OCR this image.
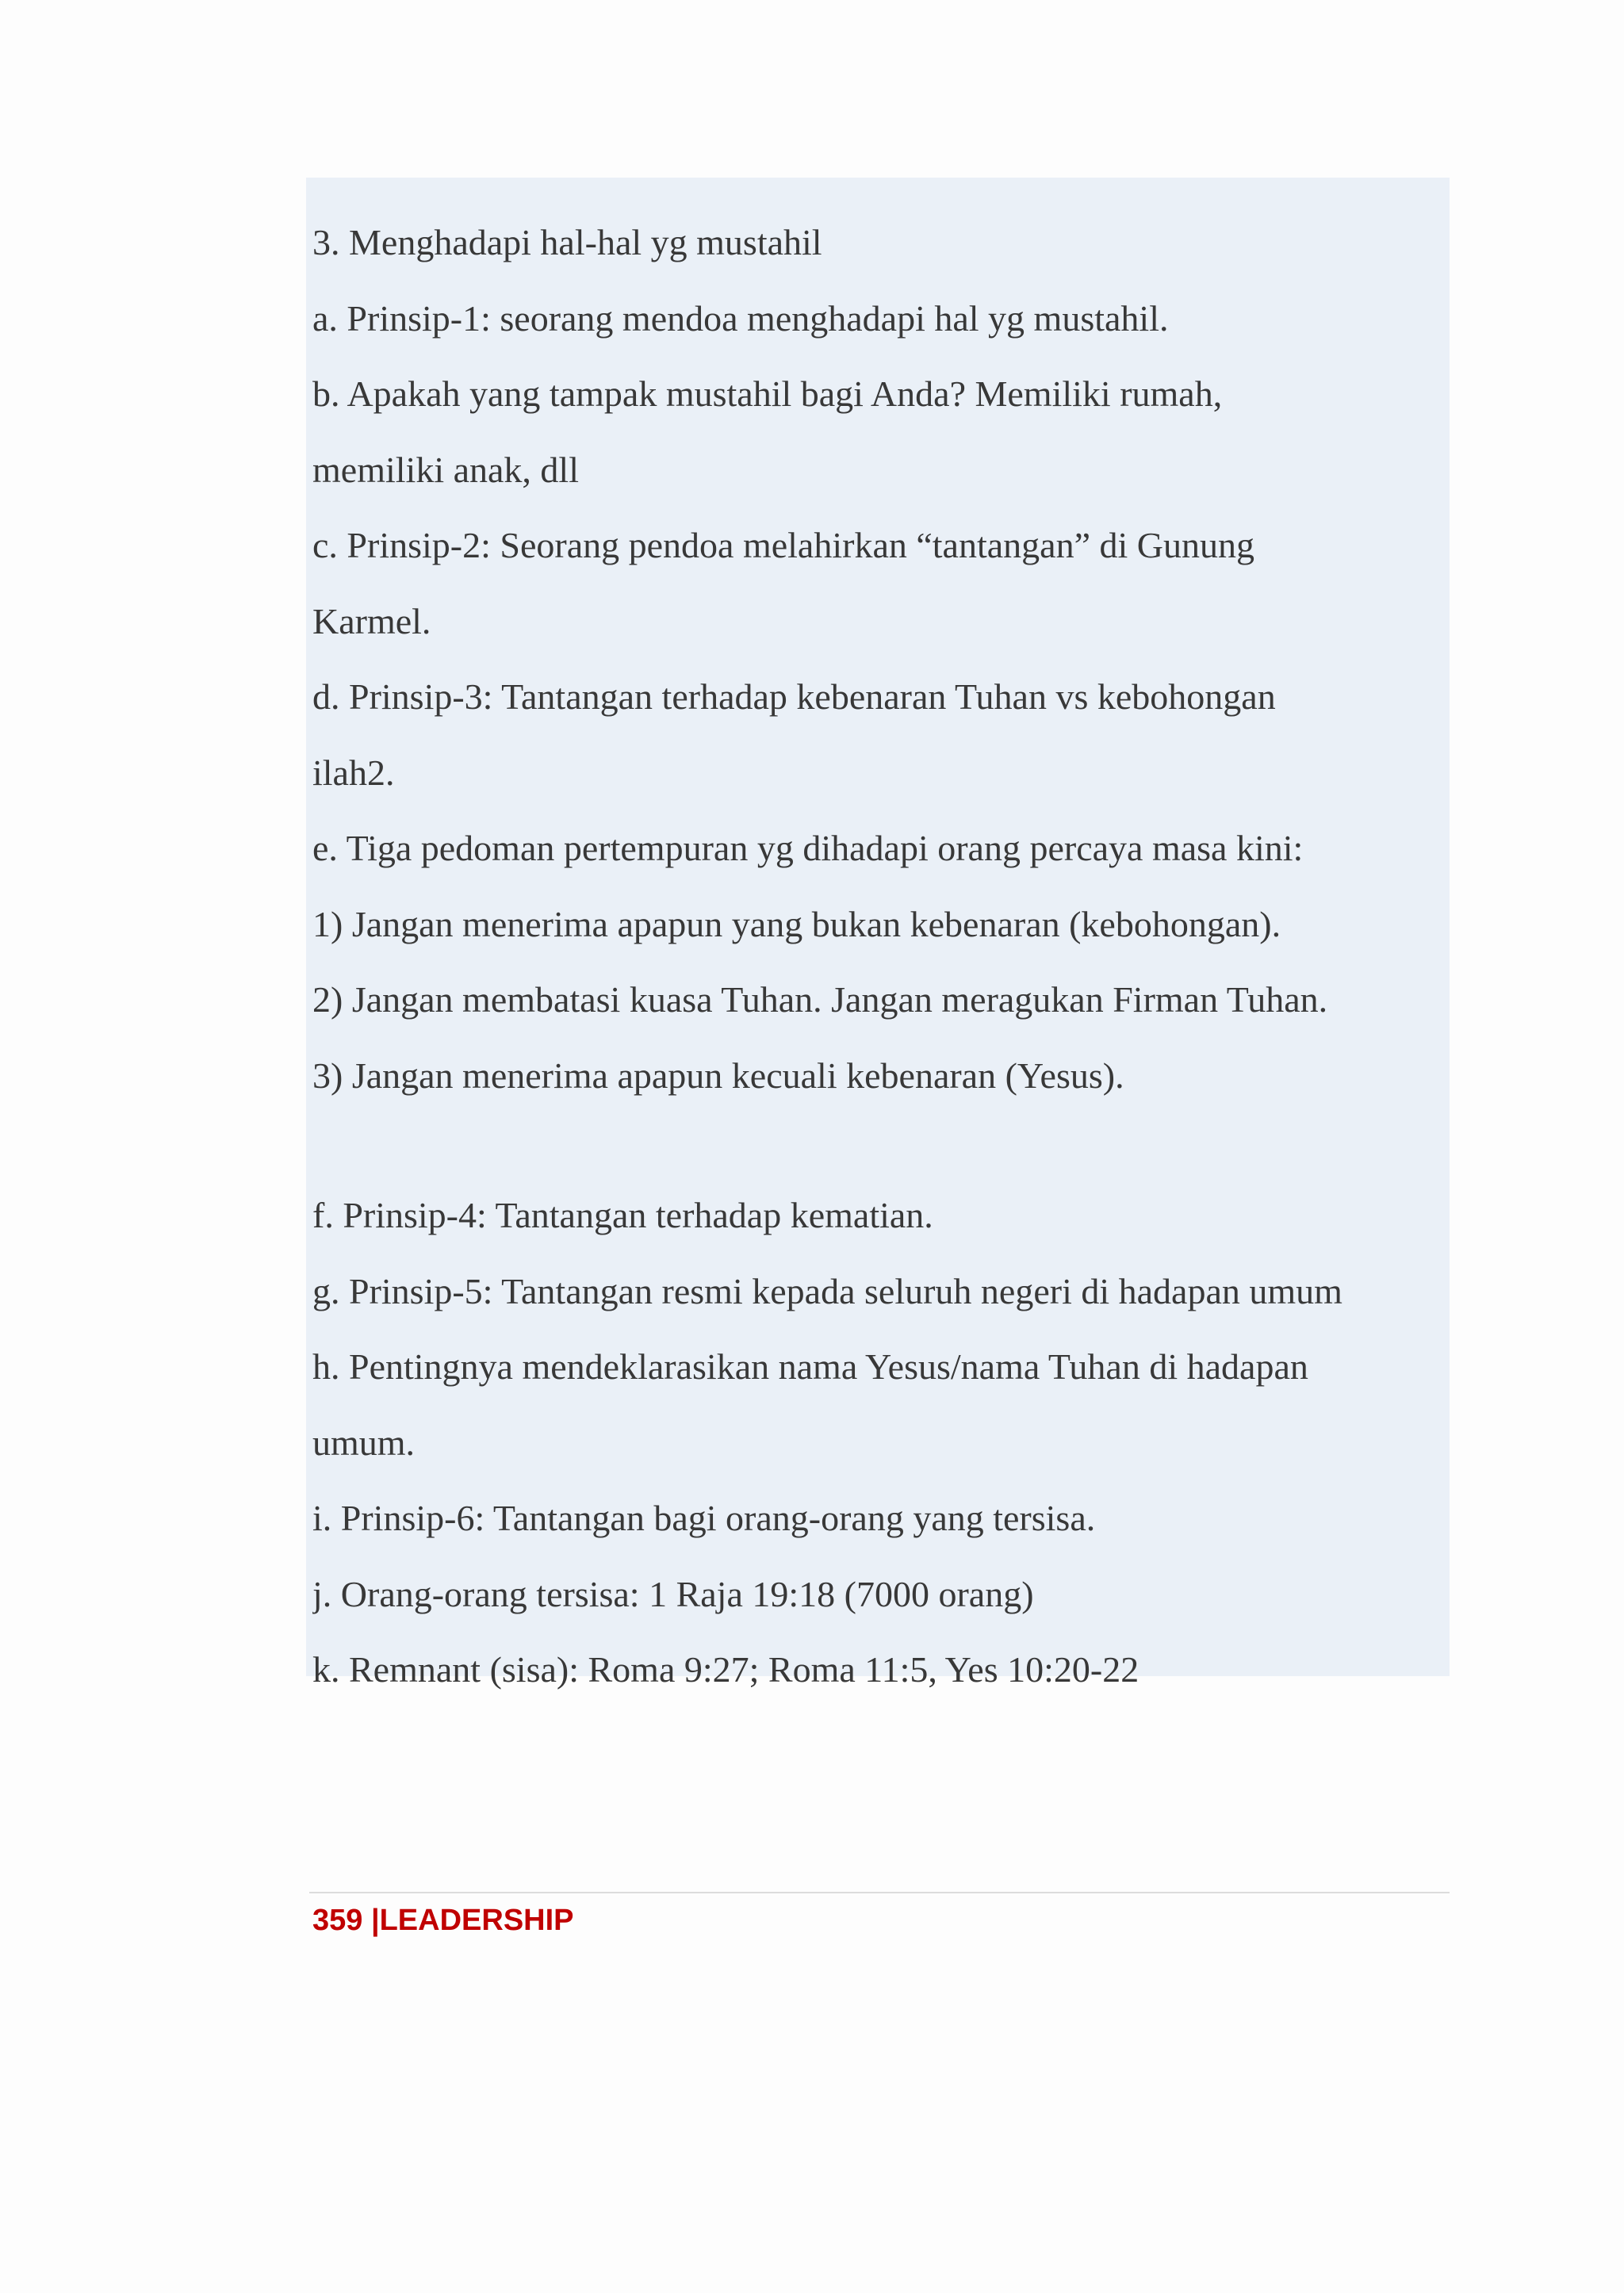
3. Menghadapi hal-hal yg mustahil
a. Prinsip-1: seorang mendoa menghadapi hal yg mustahil.
b. Apakah yang tampak mustahil bagi Anda? Memiliki rumah,
memiliki anak, dll
c. Prinsip-2: Seorang pendoa melahirkan “tantangan” di Gunung
Karmel.
d. Prinsip-3: Tantangan terhadap kebenaran Tuhan vs kebohongan
ilah2.
e. Tiga pedoman pertempuran yg dihadapi orang percaya masa kini:
1) Jangan menerima apapun yang bukan kebenaran (kebohongan).
2) Jangan membatasi kuasa Tuhan. Jangan meragukan Firman Tuhan.
3) Jangan menerima apapun kecuali kebenaran (Yesus).
f. Prinsip-4: Tantangan terhadap kematian.
g. Prinsip-5: Tantangan resmi kepada seluruh negeri di hadapan umum
h. Pentingnya mendeklarasikan nama Yesus/nama Tuhan di hadapan
umum.
i. Prinsip-6: Tantangan bagi orang-orang yang tersisa.
j. Orang-orang tersisa: 1 Raja 19:18 (7000 orang)
k. Remnant (sisa): Roma 9:27; Roma 11:5, Yes 10:20-22
359 |LEADERSHIP
